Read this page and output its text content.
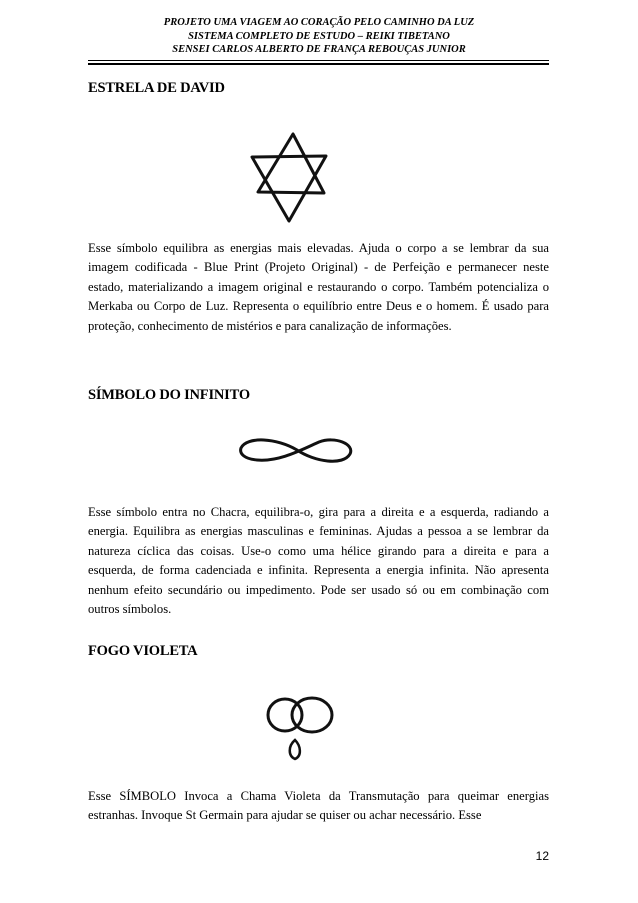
PROJETO UMA VIAGEM AO CORAÇÃO PELO CAMINHO DA LUZ
SISTEMA COMPLETO DE ESTUDO – REIKI TIBETANO
SENSEI CARLOS ALBERTO DE FRANÇA REBOUÇAS JUNIOR
ESTRELA DE DAVID

Esse símbolo equilibra as energias mais elevadas. Ajuda o corpo a se lembrar da sua imagem codificada - Blue Print (Projeto Original) - de Perfeição e permanecer neste estado, materializando a imagem original e restaurando o corpo. Também potencializa o Merkaba ou Corpo de Luz. Representa o equilíbrio entre Deus e o homem. É usado para proteção, conhecimento de mistérios e para canalização de informações.

SÍMBOLO DO INFINITO

Esse símbolo entra no Chacra, equilibra-o, gira para a direita e a esquerda, radiando a energia. Equilibra as energias masculinas e femininas. Ajudas a pessoa a se lembrar da natureza cíclica das coisas. Use-o como uma hélice girando para a direita e para a esquerda, de forma cadenciada e infinita. Representa a energia infinita. Não apresenta nenhum efeito secundário ou impedimento. Pode ser usado só ou em combinação com outros símbolos.

FOGO VIOLETA

Esse SÍMBOLO Invoca a Chama Violeta da Transmutação para queimar energias estranhas. Invoque St Germain para ajudar se quiser ou achar necessário. Esse

12
